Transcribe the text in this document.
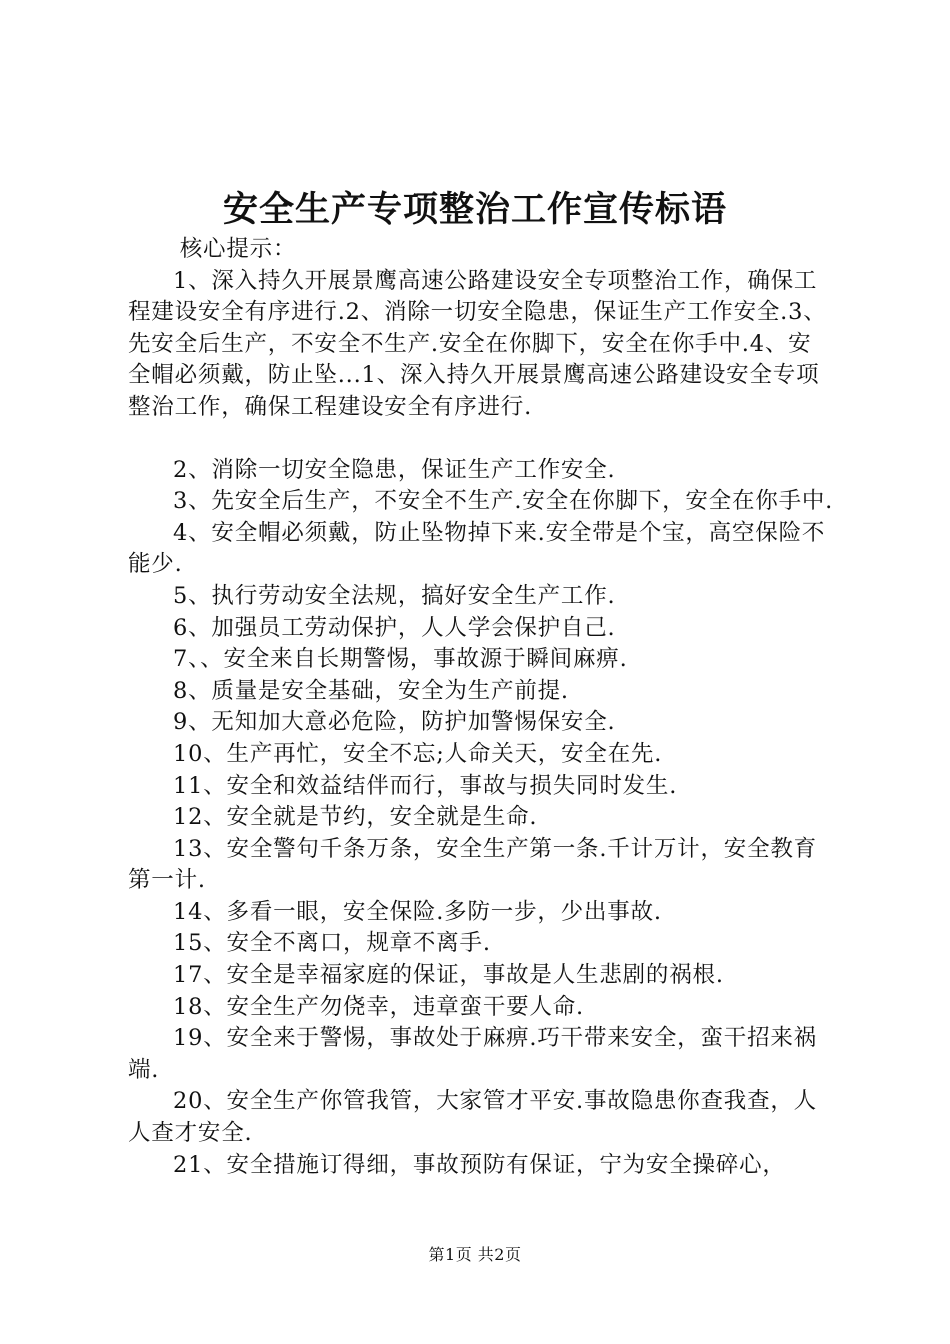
安全生产专项整治工作宣传标语

核心提示：

1、深入持久开展景鹰高速公路建设安全专项整治工作，确保工程建设安全有序进行.2、消除一切安全隐患，保证生产工作安全.3、先安全后生产，不安全不生产.安全在你脚下，安全在你手中.4、安全帽必须戴，防止坠...1、深入持久开展景鹰高速公路建设安全专项整治工作，确保工程建设安全有序进行.

2、消除一切安全隐患，保证生产工作安全.

3、先安全后生产，不安全不生产.安全在你脚下，安全在你手中.

4、安全帽必须戴，防止坠物掉下来.安全带是个宝，高空保险不能少.

5、执行劳动安全法规，搞好安全生产工作.

6、加强员工劳动保护，人人学会保护自己.

7、、安全来自长期警惕，事故源于瞬间麻痹.

8、质量是安全基础，安全为生产前提.

9、无知加大意必危险，防护加警惕保安全.

10、生产再忙，安全不忘;人命关天，安全在先.

11、安全和效益结伴而行，事故与损失同时发生.

12、安全就是节约，安全就是生命.

13、安全警句千条万条，安全生产第一条.千计万计，安全教育第一计.

14、多看一眼，安全保险.多防一步，少出事故.

15、安全不离口，规章不离手.

17、安全是幸福家庭的保证，事故是人生悲剧的祸根.

18、安全生产勿侥幸，违章蛮干要人命.

19、安全来于警惕，事故处于麻痹.巧干带来安全，蛮干招来祸端.

20、安全生产你管我管，大家管才平安.事故隐患你查我查，人人查才安全.

21、安全措施订得细，事故预防有保证，宁为安全操碎心，

第1页 共2页
